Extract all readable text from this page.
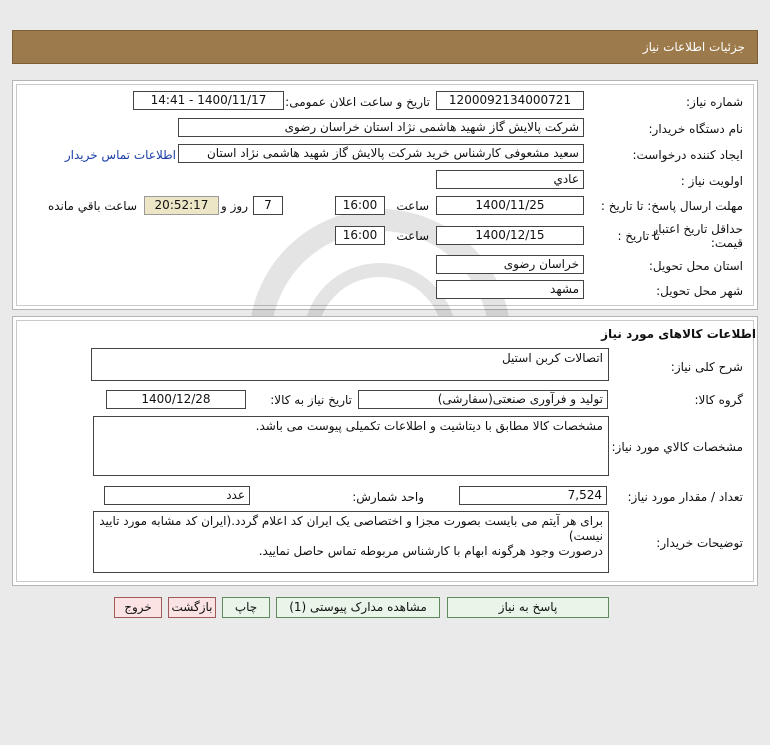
جزئیات اطلاعات نیاز
شماره نیاز:
1200092134000721
تاریخ و ساعت اعلان عمومی:
1400/11/17 - 14:41
نام دستگاه خریدار:
شرکت پالایش گاز شهید هاشمی نژاد استان خراسان رضوی
ایجاد کننده درخواست:
سعید مشعوفی کارشناس خرید شرکت پالایش گاز شهید هاشمی نژاد استان
اطلاعات تماس خریدار
اولویت نیاز :
عادي
مهلت ارسال پاسخ: تا تاریخ :
1400/11/25
ساعت
16:00
7
روز و
20:52:17
ساعت باقي مانده
حداقل تاریخ اعتبار
قیمت:
تا تاریخ :
1400/12/15
ساعت
16:00
استان محل تحویل:
خراسان رضوی
شهر محل تحویل:
مشهد
اطلاعات کالاهای مورد نیاز
شرح کلی نیاز:
اتصالات کربن استیل
گروه کالا:
تولید و فرآوری صنعتی(سفارشی)
تاریخ نیاز به کالا:
1400/12/28
مشخصات کالاي مورد نیاز:
مشخصات کالا مطابق با دیتاشیت و اطلاعات تکمیلی پیوست می باشد.
تعداد / مقدار مورد نیاز:
7,524
واحد شمارش:
عدد
توضیحات خریدار:
برای هر آیتم می بایست بصورت مجزا و اختصاصی یک ایران کد اعلام گردد.(ایران کد مشابه مورد تایید نیست)
درصورت وجود هرگونه ابهام با کارشناس مربوطه تماس حاصل نمایید.
پاسخ به نیاز
مشاهده مدارک پیوستی (1)
چاپ
بازگشت
خروج
